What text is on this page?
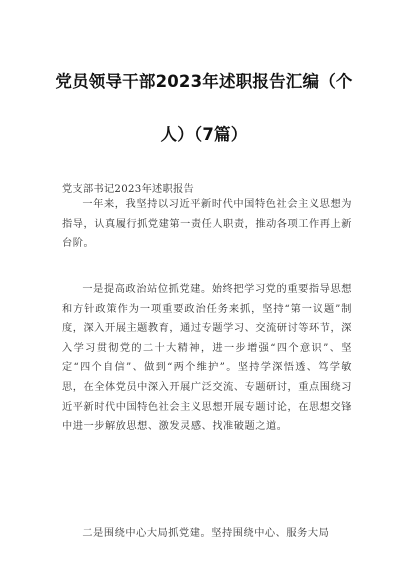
党员领导干部2023年述职报告汇编（个
人）（7篇）
党支部书记2023年述职报告

一年来，我坚持以习近平新时代中国特色社会主义思想为指导，认真履行抓党建第一责任人职责，推动各项工作再上新台阶。

一是提高政治站位抓党建。始终把学习党的重要指导思想和方针政策作为一项重要政治任务来抓，坚持“第一议题”制度，深入开展主题教育，通过专题学习、交流研讨等环节，深入学习贯彻党的二十大精神，进一步增强“四个意识”、坚定“四个自信”、做到“两个维护”。坚持学深悟透、笃学敏思，在全体党员中深入开展广泛交流、专题研讨，重点围绕习近平新时代中国特色社会主义思想开展专题讨论，在思想交锋中进一步解放思想、激发灵感、找准破题之道。

二是围绕中心大局抓党建。坚持围绕中心、服务大局
